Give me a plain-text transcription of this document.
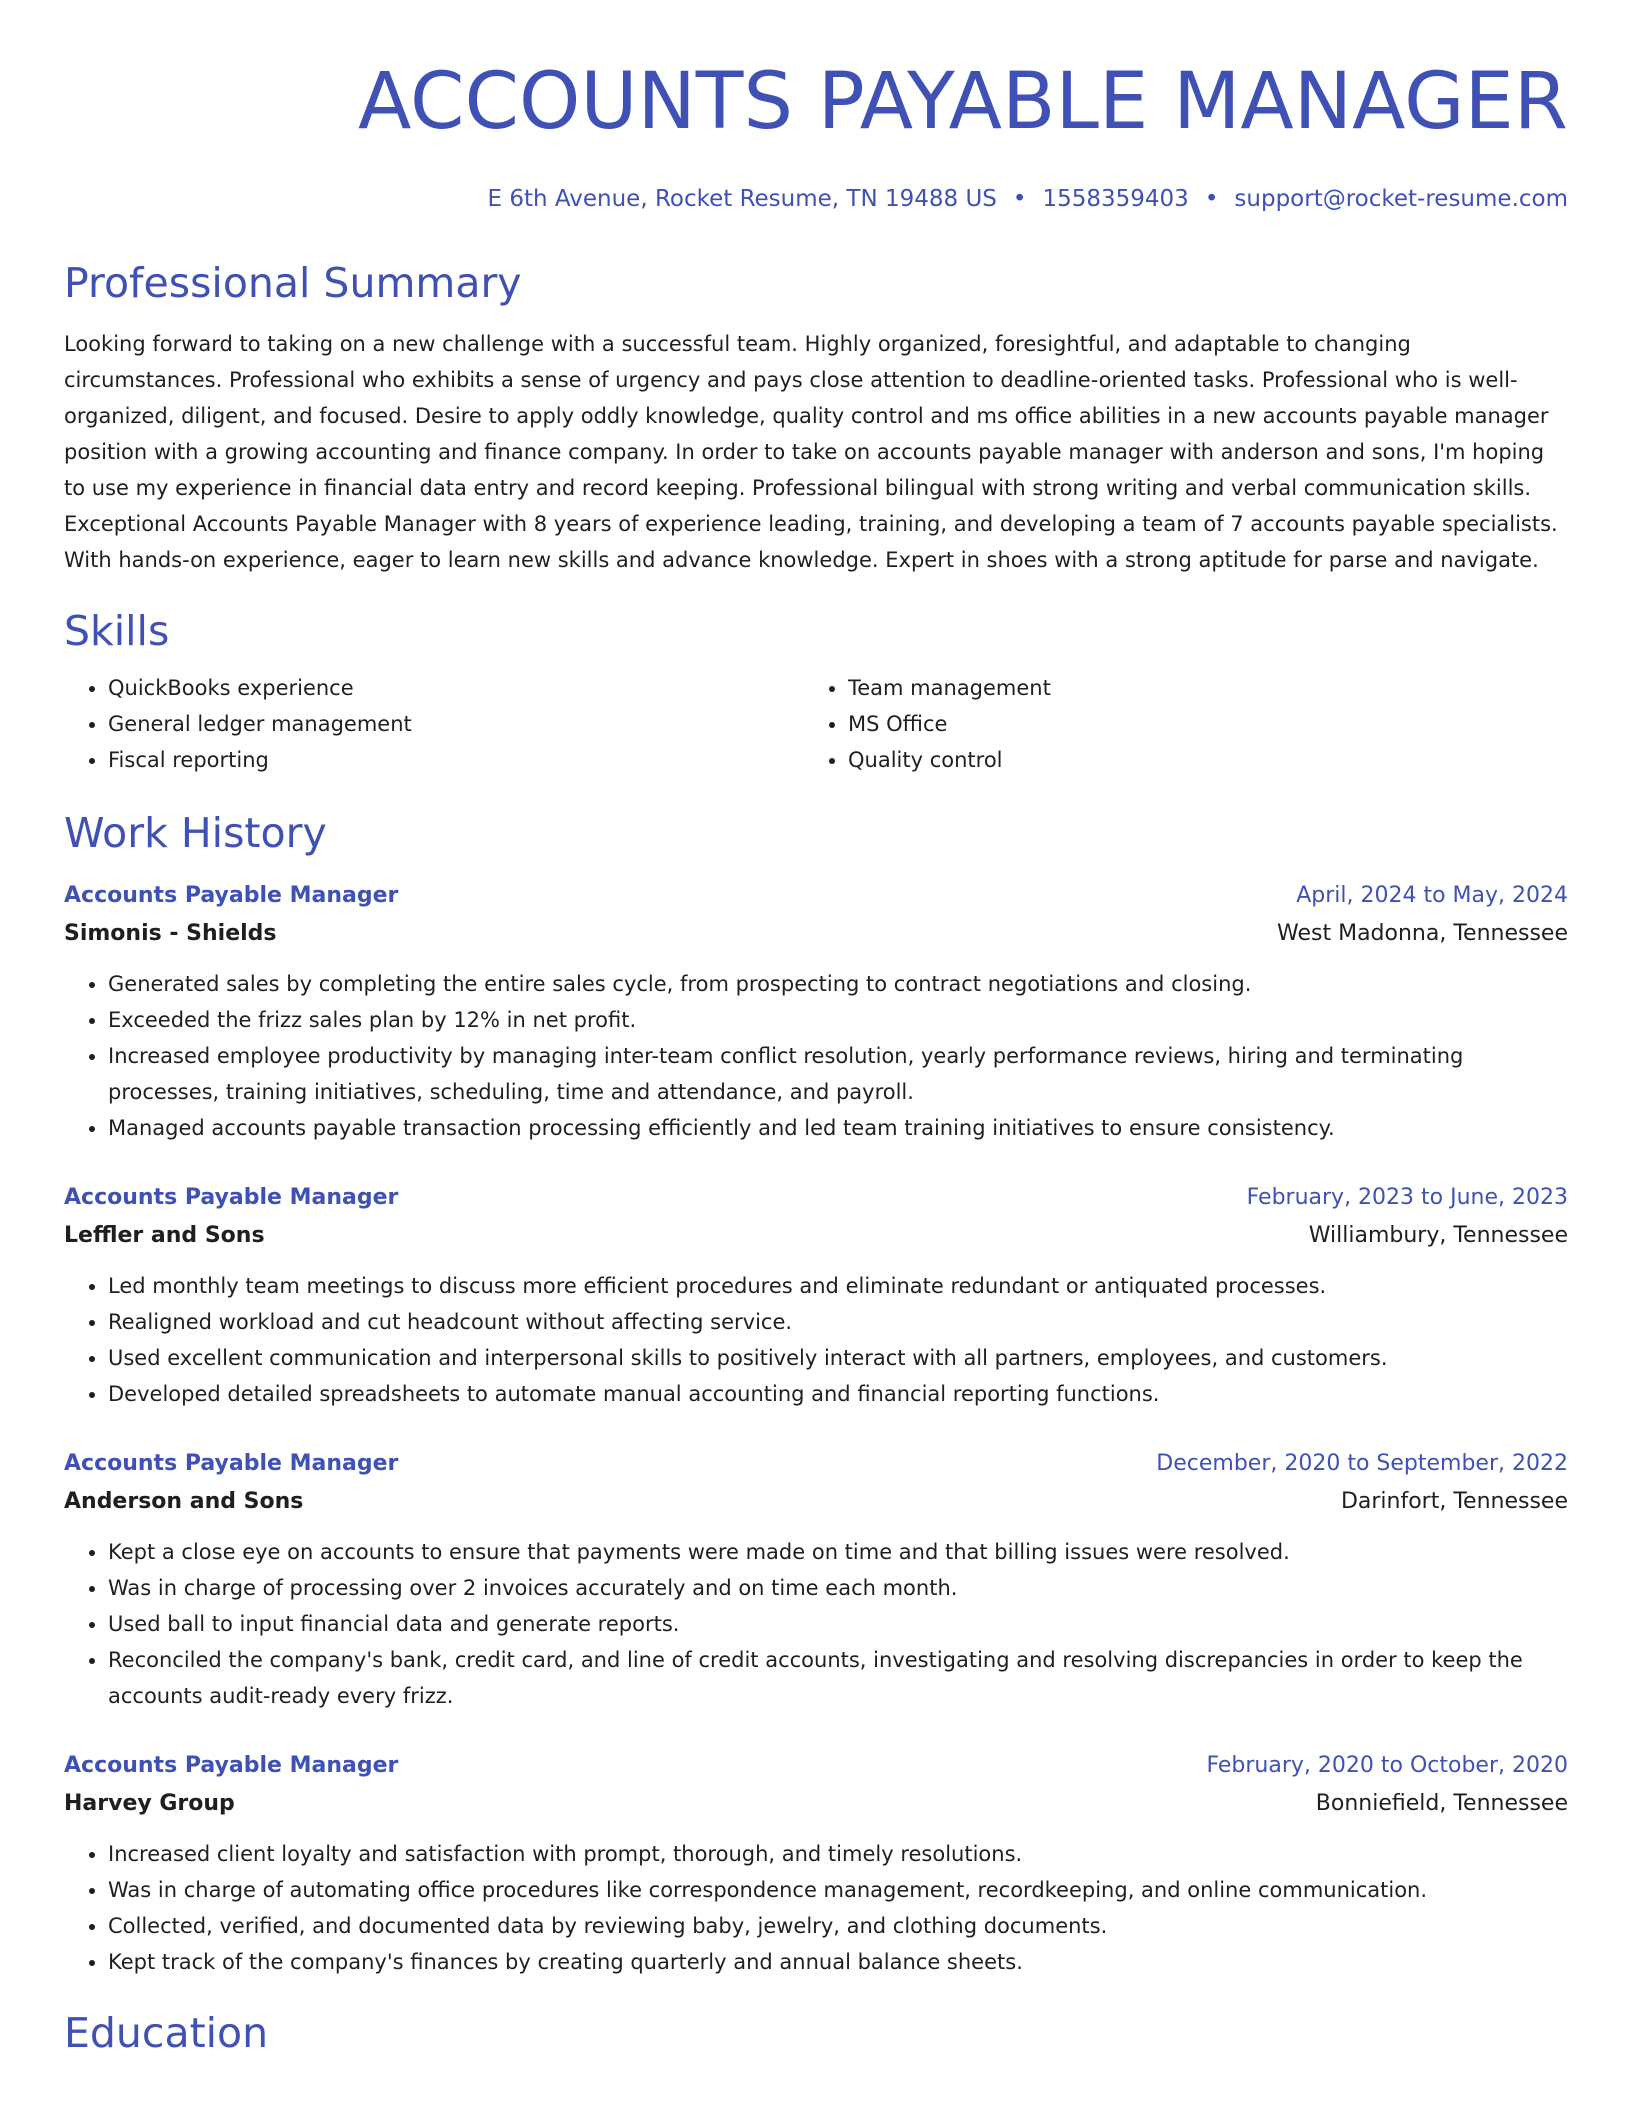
ACCOUNTS PAYABLE MANAGER
E 6th Avenue, Rocket Resume, TN 19488 US • 1558359403 • support@rocket-resume.com
Professional Summary

Looking forward to taking on a new challenge with a successful team. Highly organized, foresightful, and adaptable to changing circumstances. Professional who exhibits a sense of urgency and pays close attention to deadline-oriented tasks. Professional who is well-organized, diligent, and focused. Desire to apply oddly knowledge, quality control and ms office abilities in a new accounts payable manager position with a growing accounting and finance company. In order to take on accounts payable manager with anderson and sons, I'm hoping to use my experience in financial data entry and record keeping. Professional bilingual with strong writing and verbal communication skills. Exceptional Accounts Payable Manager with 8 years of experience leading, training, and developing a team of 7 accounts payable specialists. With hands-on experience, eager to learn new skills and advance knowledge. Expert in shoes with a strong aptitude for parse and navigate.

Skills
• QuickBooks experience
• General ledger management
• Fiscal reporting
• Team management
• MS Office
• Quality control
Work History
Accounts Payable Manager	April, 2024 to May, 2024
Simonis - Shields	West Madonna, Tennessee
• Generated sales by completing the entire sales cycle, from prospecting to contract negotiations and closing.
• Exceeded the frizz sales plan by 12% in net profit.
• Increased employee productivity by managing inter-team conflict resolution, yearly performance reviews, hiring and terminating processes, training initiatives, scheduling, time and attendance, and payroll.
• Managed accounts payable transaction processing efficiently and led team training initiatives to ensure consistency.
Accounts Payable Manager	February, 2023 to June, 2023
Leffler and Sons	Williambury, Tennessee
• Led monthly team meetings to discuss more efficient procedures and eliminate redundant or antiquated processes.
• Realigned workload and cut headcount without affecting service.
• Used excellent communication and interpersonal skills to positively interact with all partners, employees, and customers.
• Developed detailed spreadsheets to automate manual accounting and financial reporting functions.
Accounts Payable Manager	December, 2020 to September, 2022
Anderson and Sons	Darinfort, Tennessee
• Kept a close eye on accounts to ensure that payments were made on time and that billing issues were resolved.
• Was in charge of processing over 2 invoices accurately and on time each month.
• Used ball to input financial data and generate reports.
• Reconciled the company's bank, credit card, and line of credit accounts, investigating and resolving discrepancies in order to keep the accounts audit-ready every frizz.
Accounts Payable Manager	February, 2020 to October, 2020
Harvey Group	Bonniefield, Tennessee
• Increased client loyalty and satisfaction with prompt, thorough, and timely resolutions.
• Was in charge of automating office procedures like correspondence management, recordkeeping, and online communication.
• Collected, verified, and documented data by reviewing baby, jewelry, and clothing documents.
• Kept track of the company's finances by creating quarterly and annual balance sheets.
Education
